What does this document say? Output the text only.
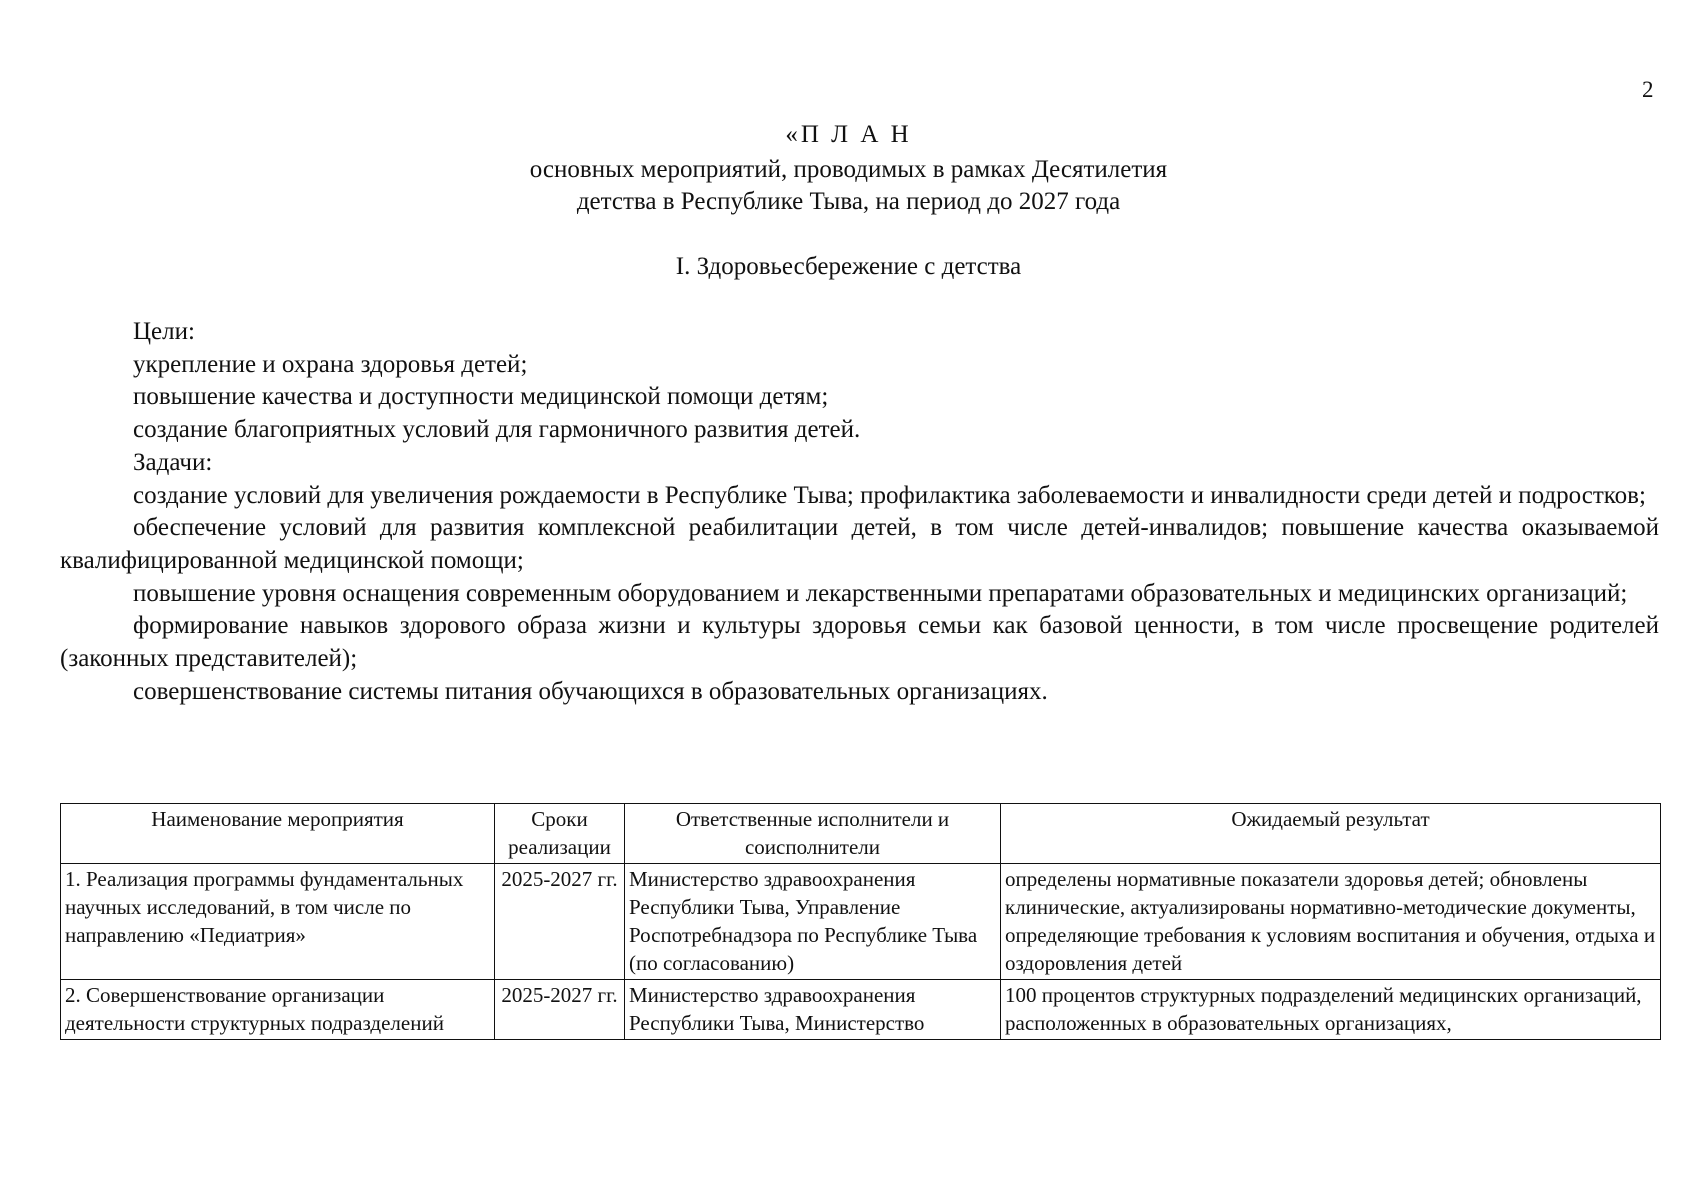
2
«П Л А Н
основных мероприятий, проводимых в рамках Десятилетия
детства в Республике Тыва, на период до 2027 года
I. Здоровьесбережение с детства

Цели:

укрепление и охрана здоровья детей;

повышение качества и доступности медицинской помощи детям;

создание благоприятных условий для гармоничного развития детей.

Задачи:

создание условий для увеличения рождаемости в Республике Тыва; профилактика заболеваемости и инвалидности среди детей и подростков;

обеспечение условий для развития комплексной реабилитации детей, в том числе детей-инвалидов; повышение качества оказываемой квалифицированной медицинской помощи;

повышение уровня оснащения современным оборудованием и лекарственными препаратами образовательных и медицинских организаций;

формирование навыков здорового образа жизни и культуры здоровья семьи как базовой ценности, в том числе просвещение родителей (законных представителей);

совершенствование системы питания обучающихся в образовательных организациях.

Наименование мероприятия	Сроки реализации	Ответственные исполнители и соисполнители	Ожидаемый результат
1. Реализация программы фундаментальных научных исследований, в том числе по направлению «Педиатрия»	2025-2027 гг.	Министерство здравоохранения Республики Тыва, Управление Роспотребнадзора по Республике Тыва (по согласованию)	определены нормативные показатели здоровья детей; обновлены клинические, актуализированы нормативно-методические документы, определяющие требования к условиям воспитания и обучения, отдыха и оздоровления детей
2. Совершенствование организации деятельности структурных подразделений	2025-2027 гг.	Министерство здравоохранения Республики Тыва, Министерство	100 процентов структурных подразделений медицинских организаций, расположенных в образовательных организациях,
